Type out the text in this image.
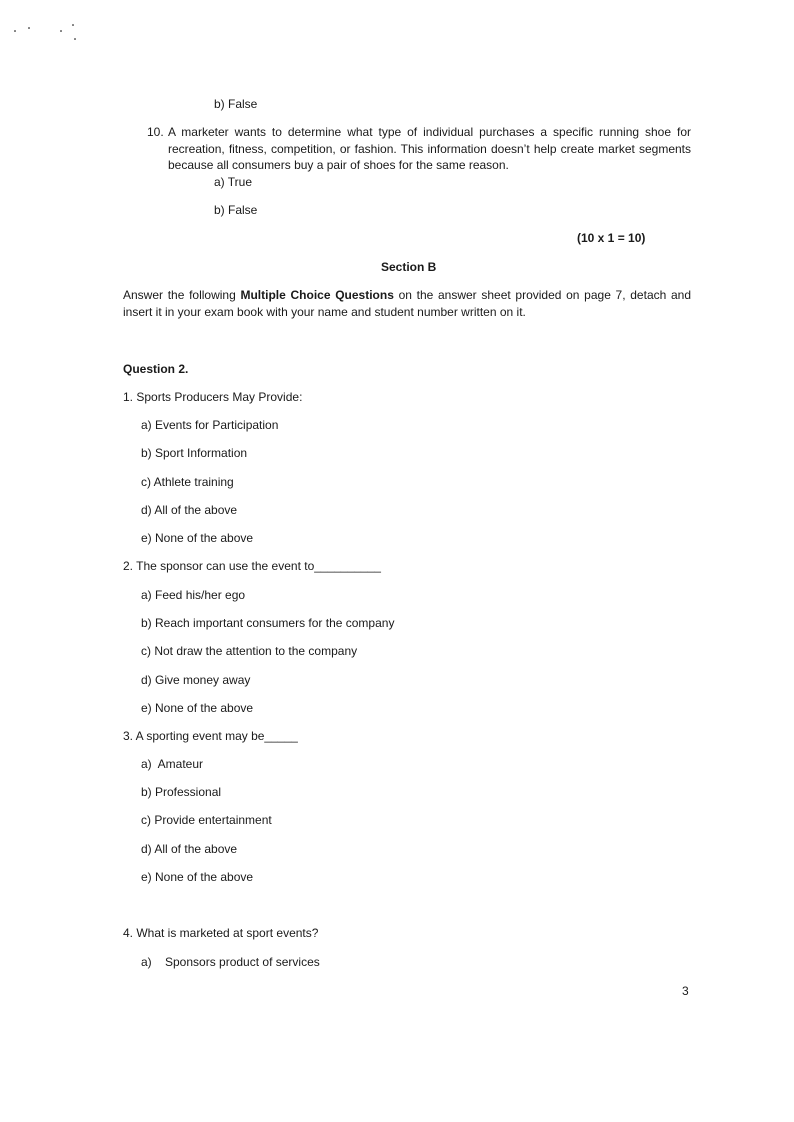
b) False
10. A marketer wants to determine what type of individual purchases a specific running shoe for recreation, fitness, competition, or fashion. This information doesn’t help create market segments because all consumers buy a pair of shoes for the same reason.
a) True
b) False
(10 x 1 = 10)
Section B
Answer the following Multiple Choice Questions on the answer sheet provided on page 7, detach and insert it in your exam book with your name and student number written on it.
Question 2.
1. Sports Producers May Provide:
a) Events for Participation
b) Sport Information
c) Athlete training
d) All of the above
e) None of the above
2. The sponsor can use the event to__________
a) Feed his/her ego
b) Reach important consumers for the company
c) Not draw the attention to the company
d) Give money away
e) None of the above
3. A sporting event may be_____
a)  Amateur
b) Professional
c) Provide entertainment
d) All of the above
e) None of the above
4. What is marketed at sport events?
a)    Sponsors product of services
3
